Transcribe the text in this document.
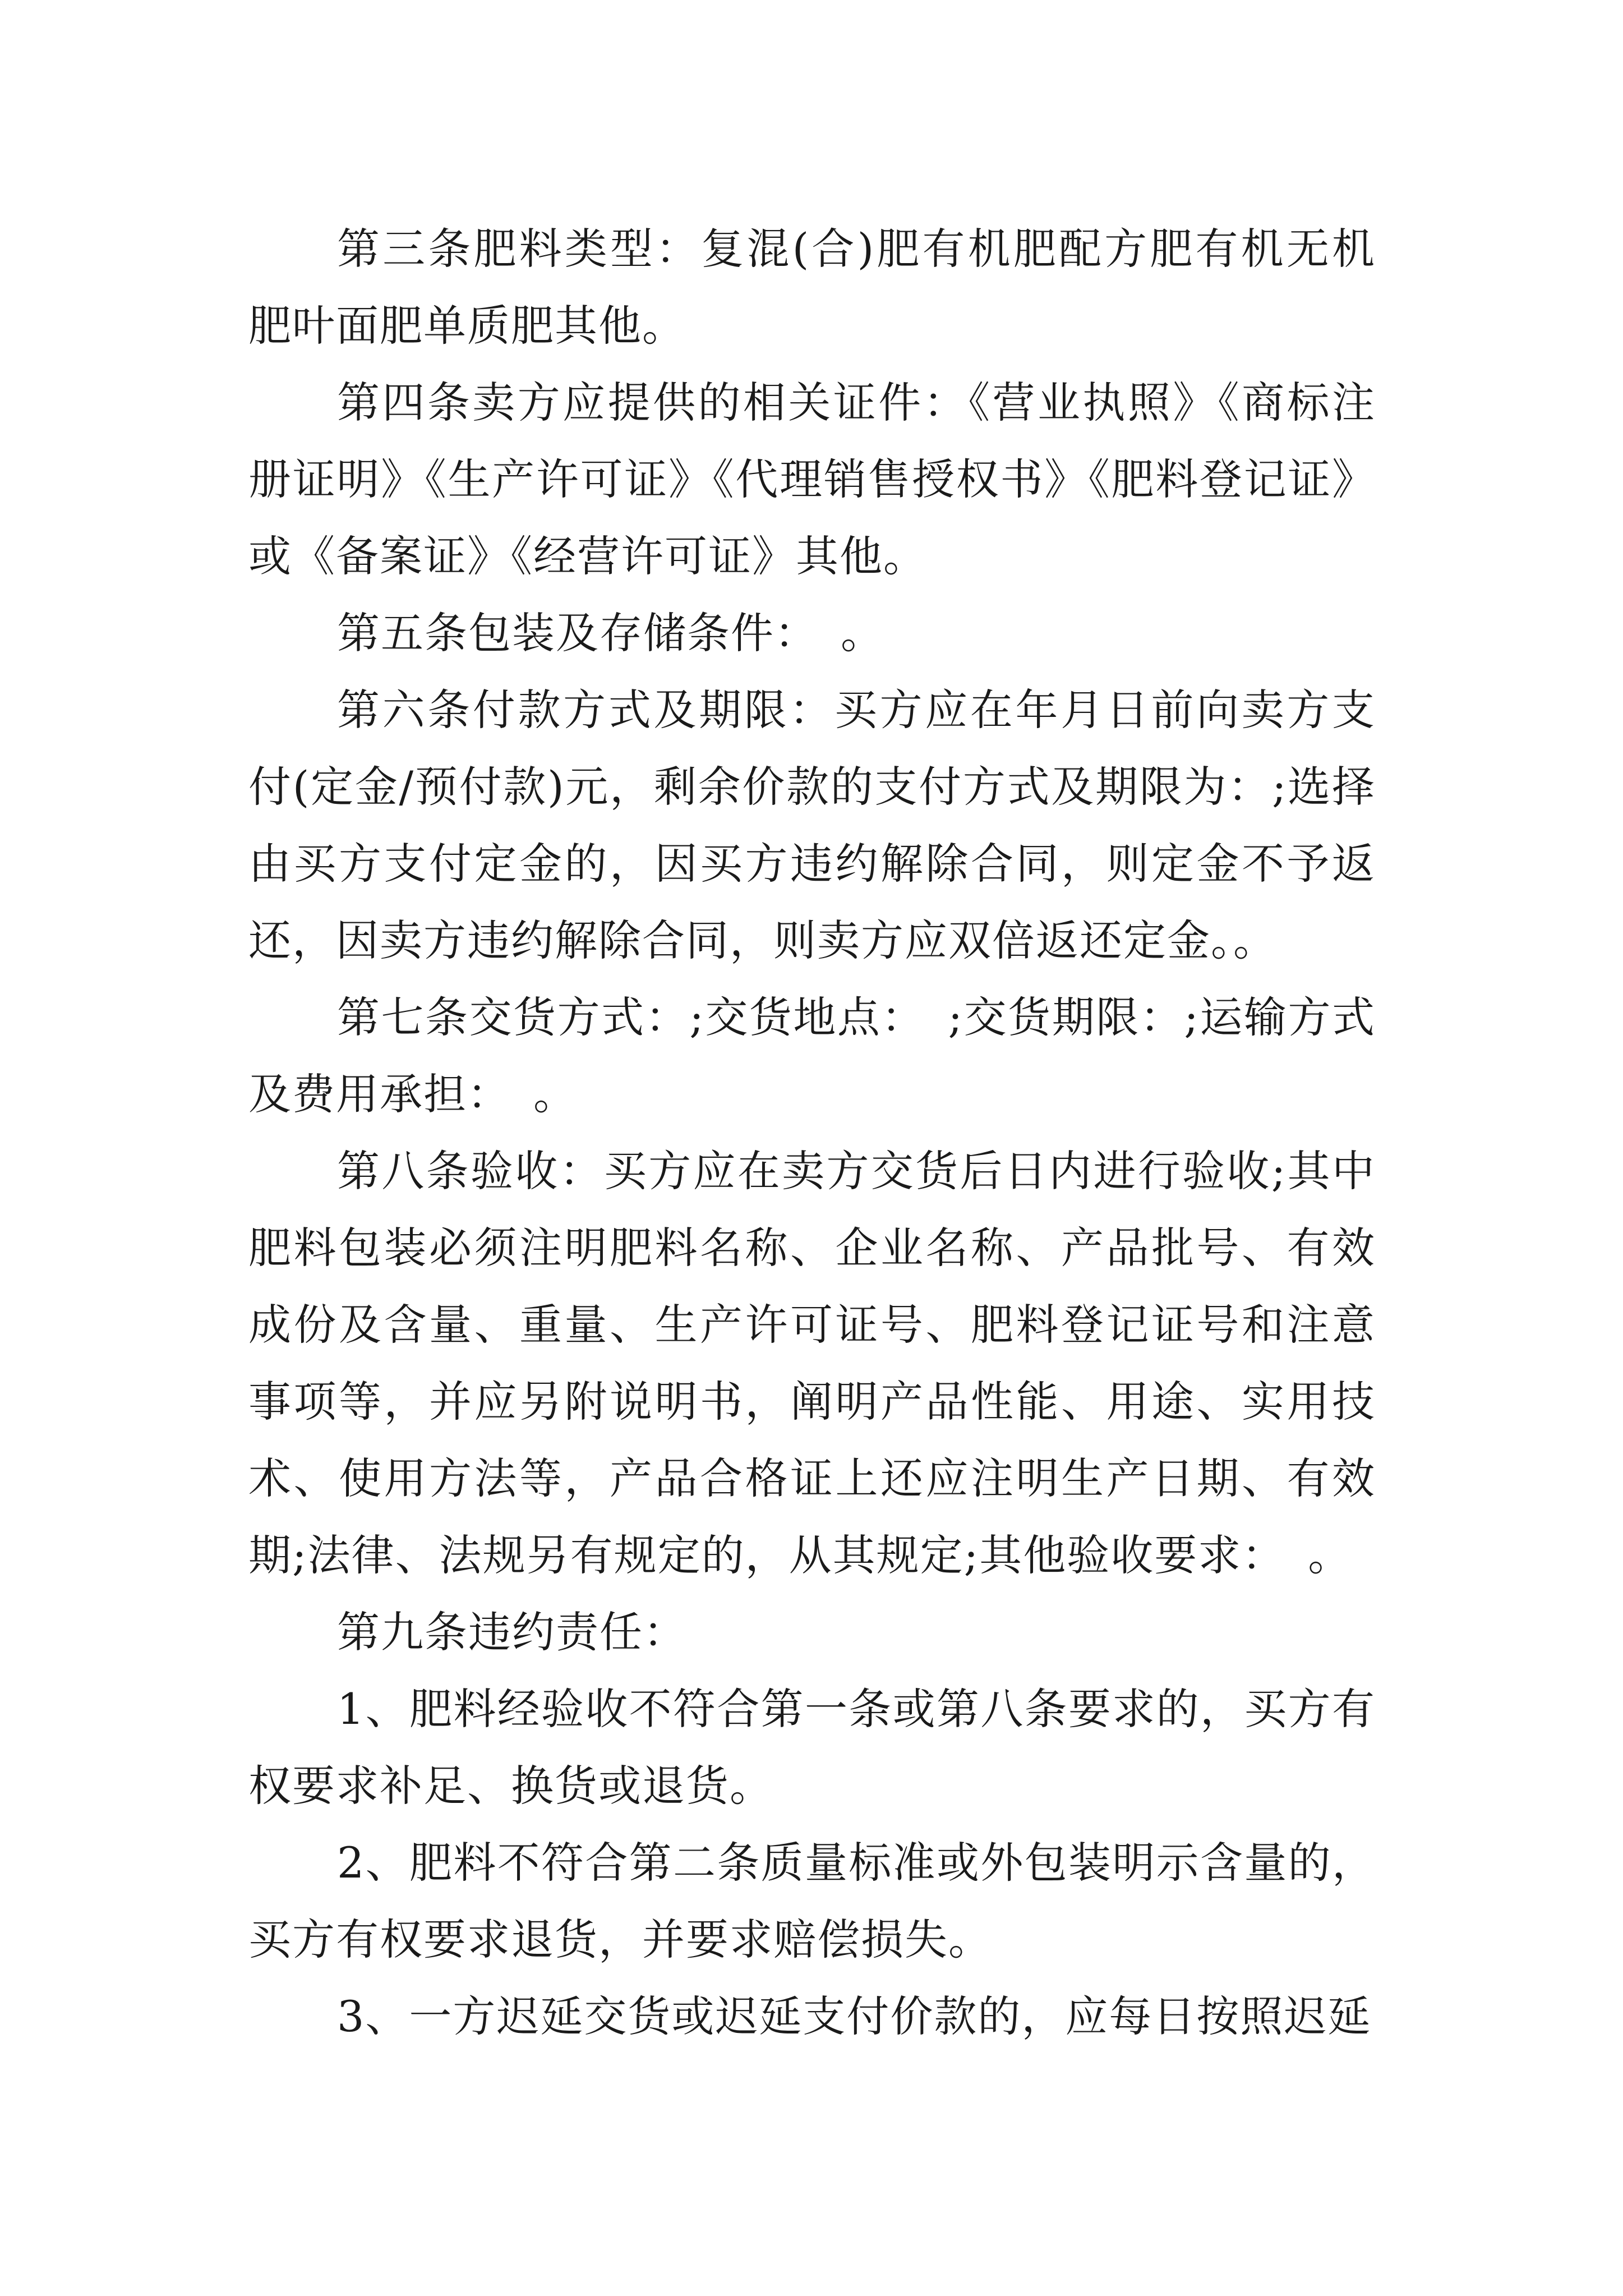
第三条肥料类型：复混(合)肥有机肥配方肥有机无机肥叶面肥单质肥其他。

第四条卖方应提供的相关证件：《营业执照》《商标注册证明》《生产许可证》《代理销售授权书》《肥料登记证》或《备案证》《经营许可证》其他。

第五条包装及存储条件：　。

第六条付款方式及期限：买方应在年月日前向卖方支付(定金/预付款)元，剩余价款的支付方式及期限为：;选择由买方支付定金的，因买方违约解除合同，则定金不予返还，因卖方违约解除合同，则卖方应双倍返还定金。。

第七条交货方式：;交货地点：　;交货期限：;运输方式及费用承担：　。

第八条验收：买方应在卖方交货后日内进行验收;其中肥料包装必须注明肥料名称、企业名称、产品批号、有效成份及含量、重量、生产许可证号、肥料登记证号和注意事项等，并应另附说明书，阐明产品性能、用途、实用技术、使用方法等，产品合格证上还应注明生产日期、有效期;法律、法规另有规定的，从其规定;其他验收要求：　。

第九条违约责任：

1、肥料经验收不符合第一条或第八条要求的，买方有权要求补足、换货或退货。

2、肥料不符合第二条质量标准或外包装明示含量的，买方有权要求退货，并要求赔偿损失。

3、一方迟延交货或迟延支付价款的，应每日按照迟延
